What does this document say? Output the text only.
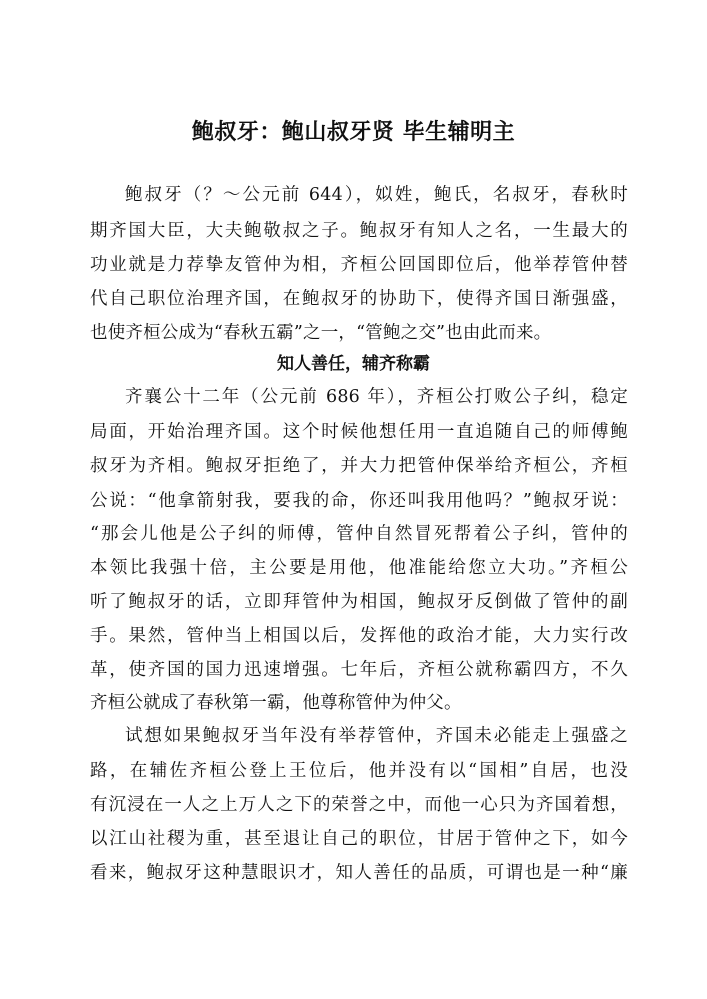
鲍叔牙：鲍山叔牙贤 毕生辅明主
鲍叔牙（？～公元前 644），姒姓，鲍氏，名叔牙，春秋时
期齐国大臣，大夫鲍敬叔之子。鲍叔牙有知人之名，一生最大的
功业就是力荐挚友管仲为相，齐桓公回国即位后，他举荐管仲替
代自己职位治理齐国，在鲍叔牙的协助下，使得齐国日渐强盛，
也使齐桓公成为“春秋五霸”之一，“管鲍之交”也由此而来。
知人善任，辅齐称霸
齐襄公十二年（公元前 686 年），齐桓公打败公子纠，稳定
局面，开始治理齐国。这个时候他想任用一直追随自己的师傅鲍
叔牙为齐相。鲍叔牙拒绝了，并大力把管仲保举给齐桓公，齐桓
公说：“他拿箭射我，要我的命，你还叫我用他吗？”鲍叔牙说：
“那会儿他是公子纠的师傅，管仲自然冒死帮着公子纠，管仲的
本领比我强十倍，主公要是用他，他准能给您立大功。”齐桓公
听了鲍叔牙的话，立即拜管仲为相国，鲍叔牙反倒做了管仲的副
手。果然，管仲当上相国以后，发挥他的政治才能，大力实行改
革，使齐国的国力迅速增强。七年后，齐桓公就称霸四方，不久
齐桓公就成了春秋第一霸，他尊称管仲为仲父。
试想如果鲍叔牙当年没有举荐管仲，齐国未必能走上强盛之
路，在辅佐齐桓公登上王位后，他并没有以“国相”自居，也没
有沉浸在一人之上万人之下的荣誉之中，而他一心只为齐国着想，
以江山社稷为重，甚至退让自己的职位，甘居于管仲之下，如今
看来，鲍叔牙这种慧眼识才，知人善任的品质，可谓也是一种“廉
